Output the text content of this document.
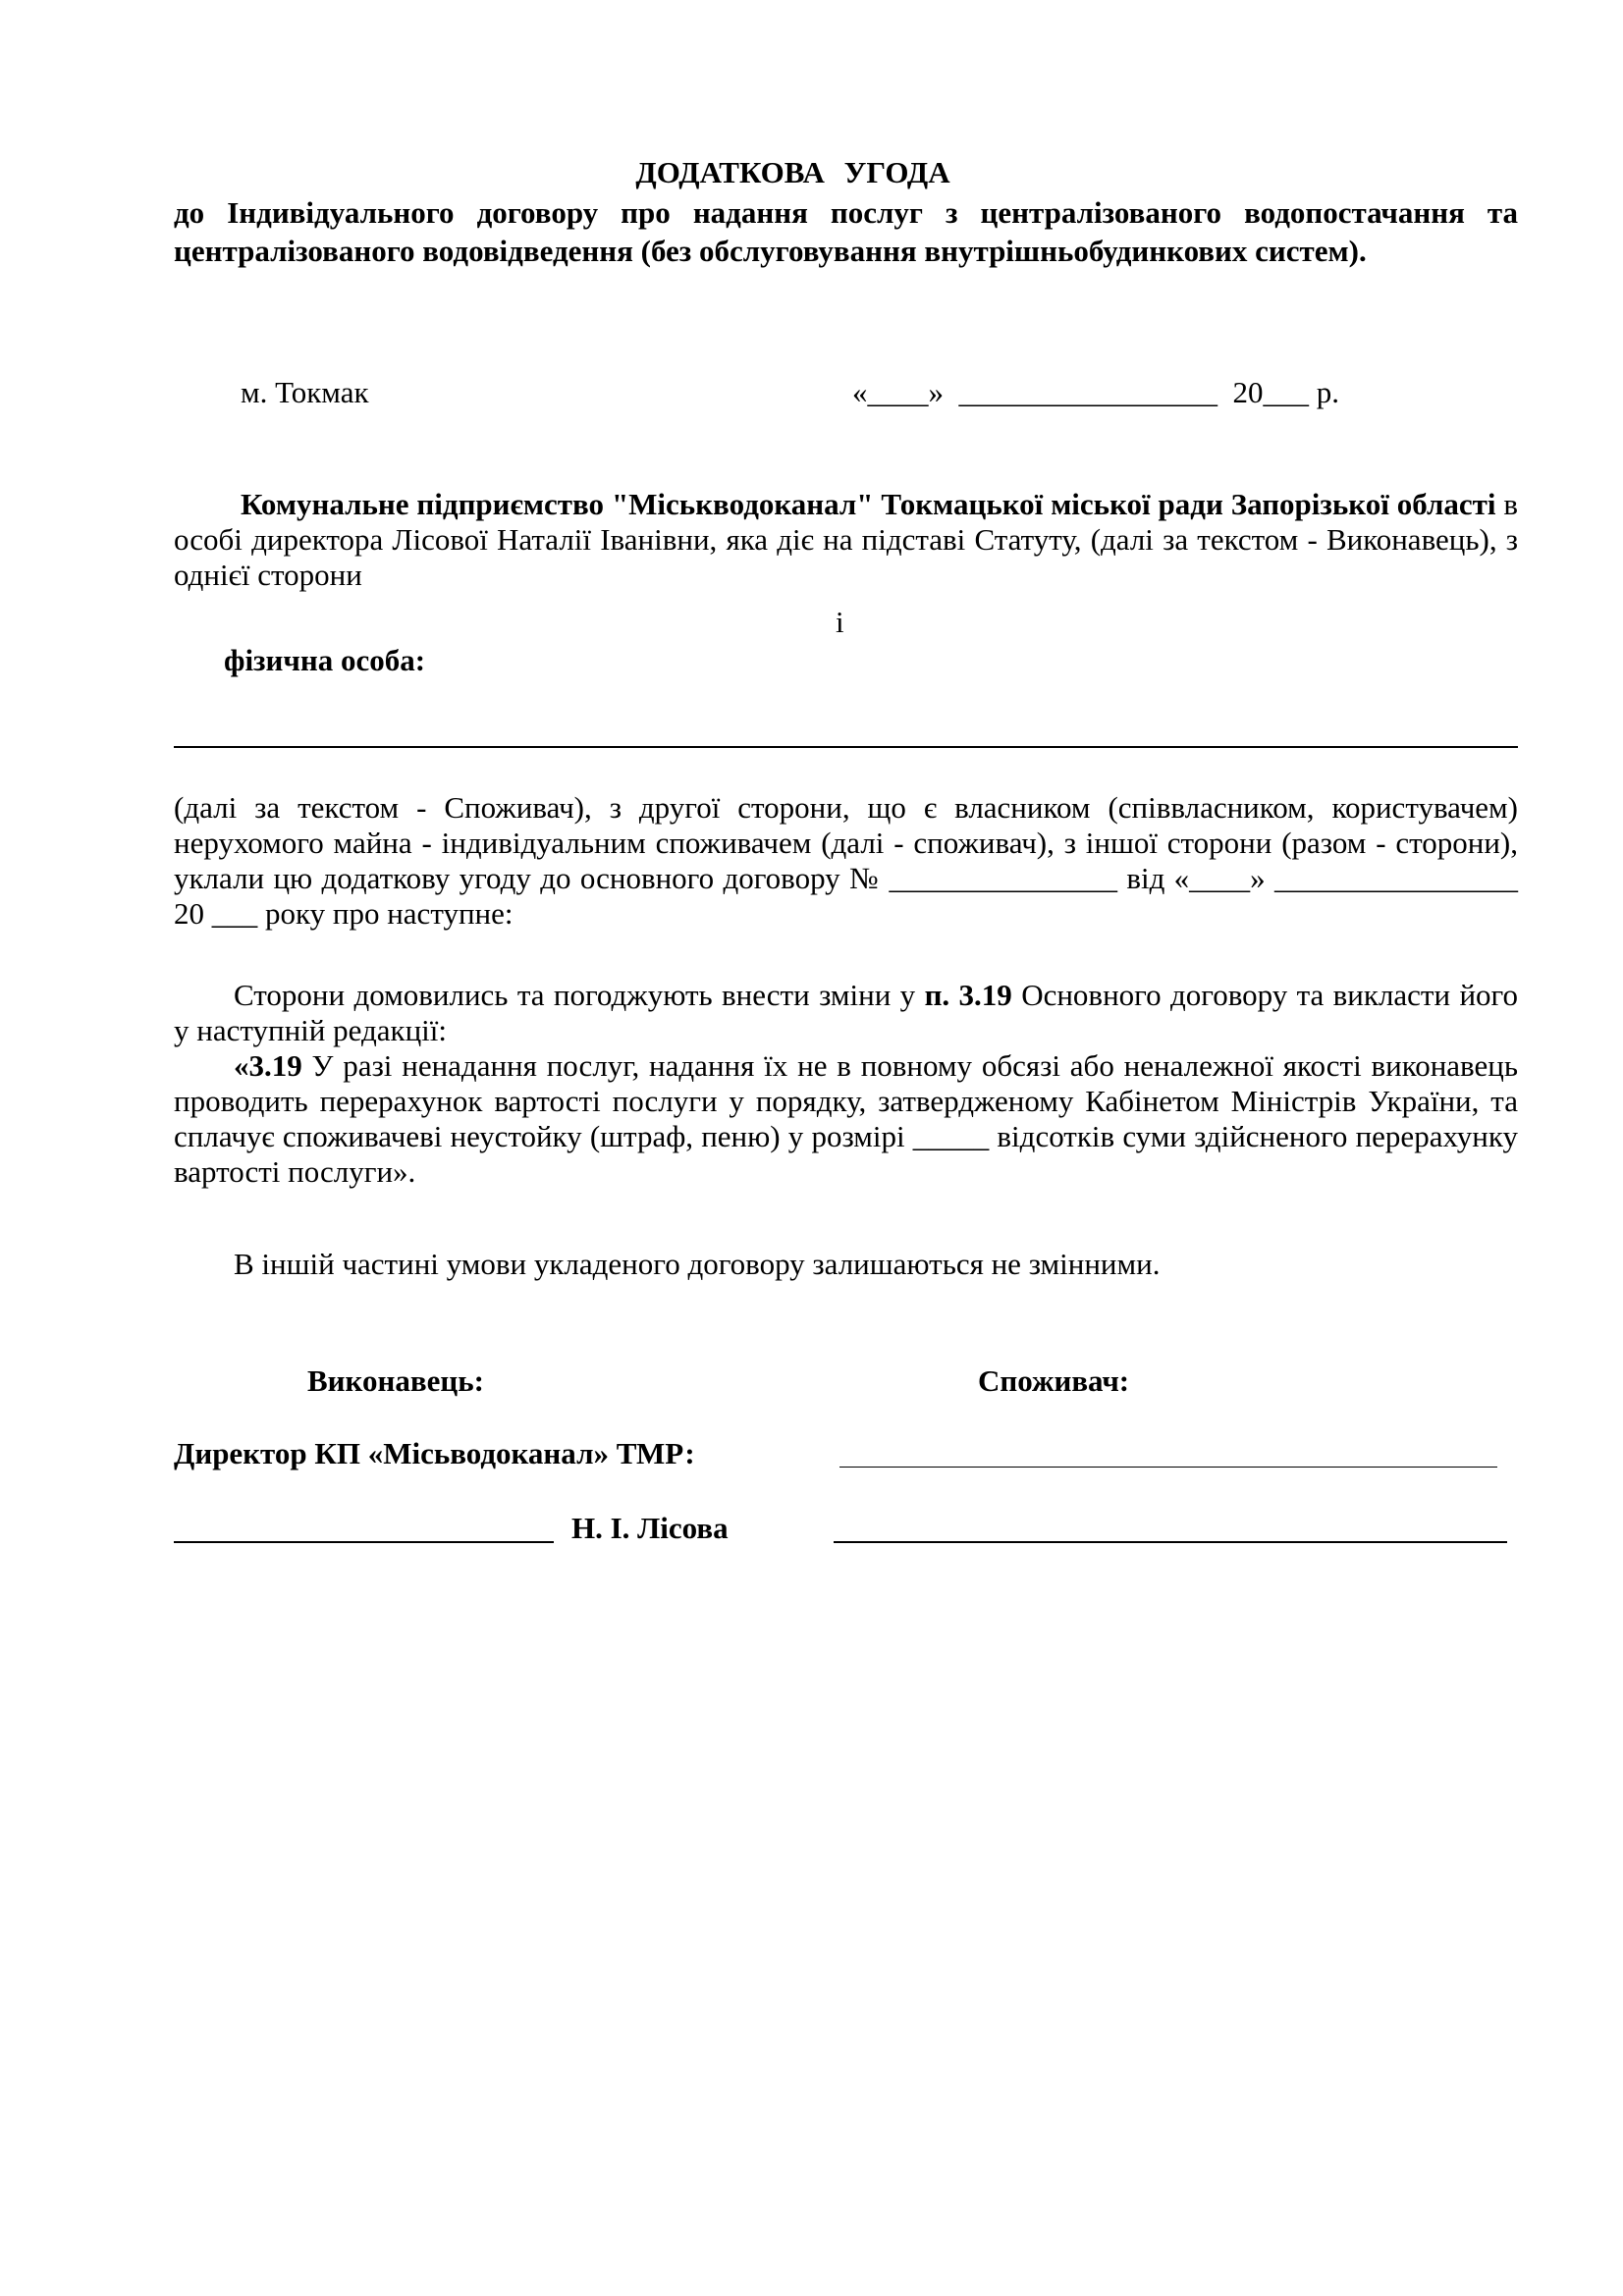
ДОДАТКОВА УГОДА
до Індивідуального договору про надання послуг з централізованого водопостачання та централізованого водовідведення (без обслуговування внутрішньобудинкових систем).
м. Токмак	«____»  _________________  20___ р.
Комунальне підприємство "Міськводоканал" Токмацької міської ради Запорізької області в особі директора Лісової Наталії Іванівни, яка діє на підставі Статуту, (далі за текстом - Виконавець), з однієї сторони
і
фізична особа:
(далі за текстом - Споживач), з другої сторони, що є власником (співвласником, користувачем) нерухомого майна - індивідуальним споживачем (далі - споживач), з іншої сторони (разом - сторони), уклали цю додаткову угоду до основного договору № _______________ від «____» ________________ 20 ___ року про наступне:
Сторони домовились та погоджують внести зміни у п. 3.19 Основного договору та викласти його у наступній редакції:
«3.19 У разі ненадання послуг, надання їх не в повному обсязі або неналежної якості виконавець проводить перерахунок вартості послуги у порядку, затвердженому Кабінетом Міністрів України, та сплачує споживачеві неустойку (штраф, пеню) у розмірі _____ відсотків суми здійсненого перерахунку вартості послуги».
В іншій частині умови укладеного договору залишаються не змінними.
Виконавець:	Споживач:
Директор КП «Місьводоканал» ТМР:
Н. І. Лісова
